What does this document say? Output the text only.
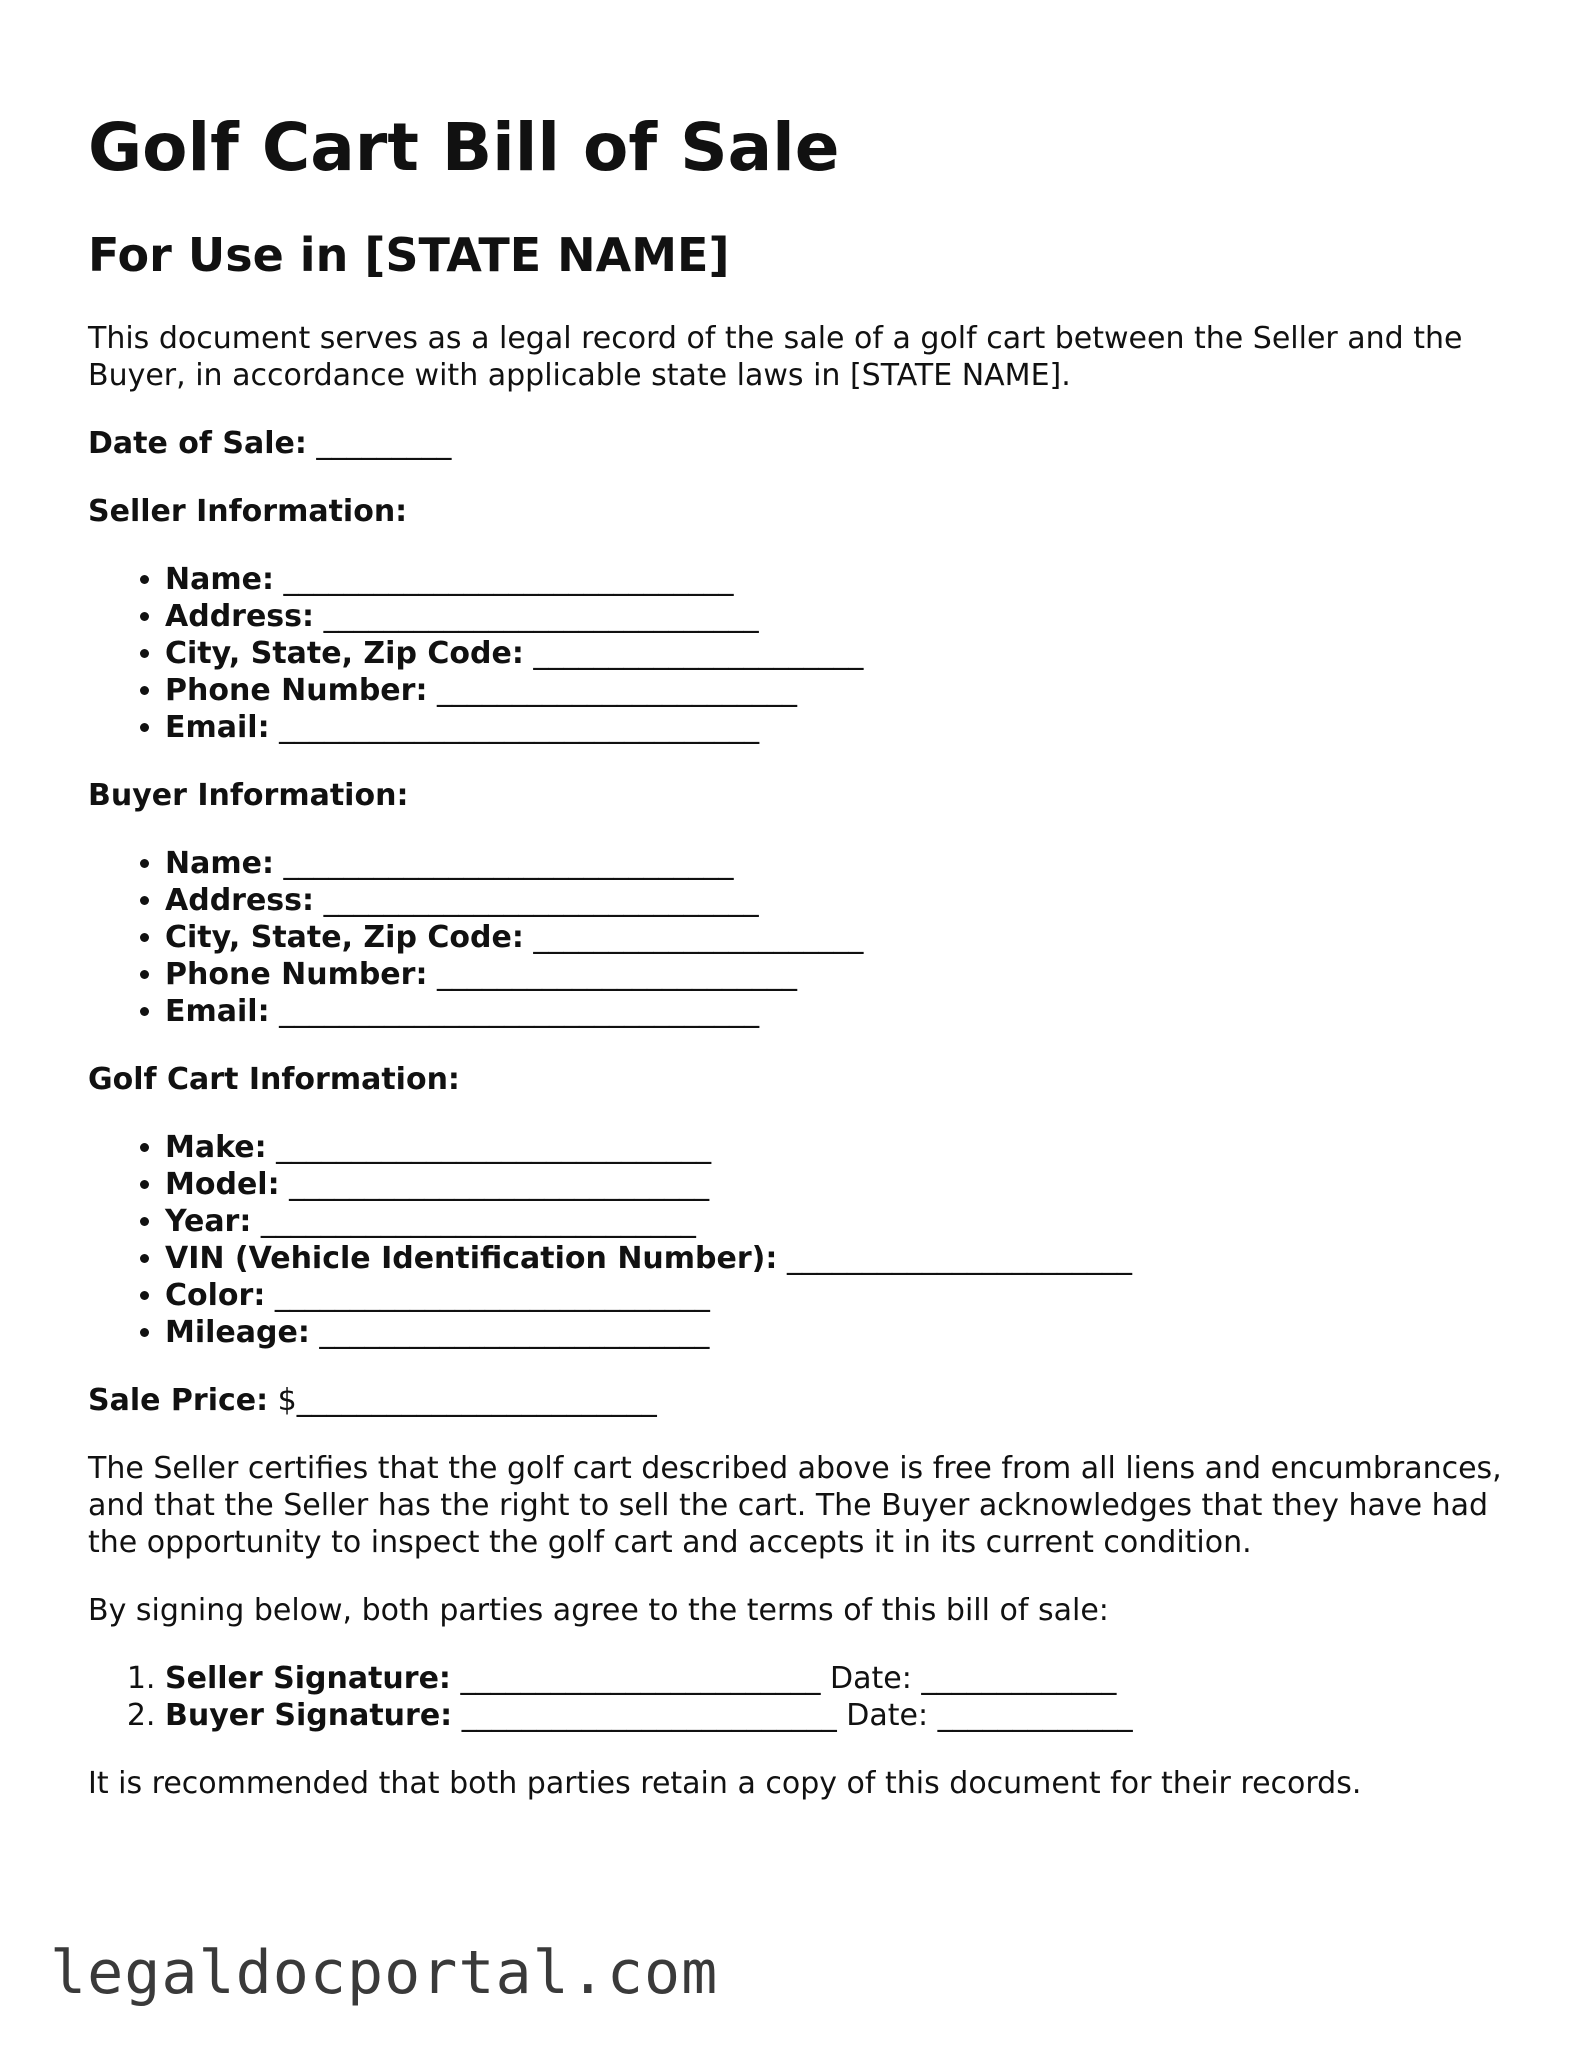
Golf Cart Bill of Sale
For Use in [STATE NAME]

This document serves as a legal record of the sale of a golf cart between the Seller and the Buyer, in accordance with applicable state laws in [STATE NAME].

Date of Sale: _________

Seller Information:

• Name: ______________________________
• Address: _____________________________
• City, State, Zip Code: ______________________
• Phone Number: ________________________
• Email: ________________________________

Buyer Information:

• Name: ______________________________
• Address: _____________________________
• City, State, Zip Code: ______________________
• Phone Number: ________________________
• Email: ________________________________

Golf Cart Information:

• Make: _____________________________
• Model: ____________________________
• Year: _____________________________
• VIN (Vehicle Identification Number): _______________________
• Color: _____________________________
• Mileage: __________________________

Sale Price: $________________________

The Seller certifies that the golf cart described above is free from all liens and encumbrances, and that the Seller has the right to sell the cart. The Buyer acknowledges that they have had the opportunity to inspect the golf cart and accepts it in its current condition.

By signing below, both parties agree to the terms of this bill of sale:

1. Seller Signature: ________________________ Date: _____________
2. Buyer Signature: _________________________ Date: _____________

It is recommended that both parties retain a copy of this document for their records.

legaldocportal.com
